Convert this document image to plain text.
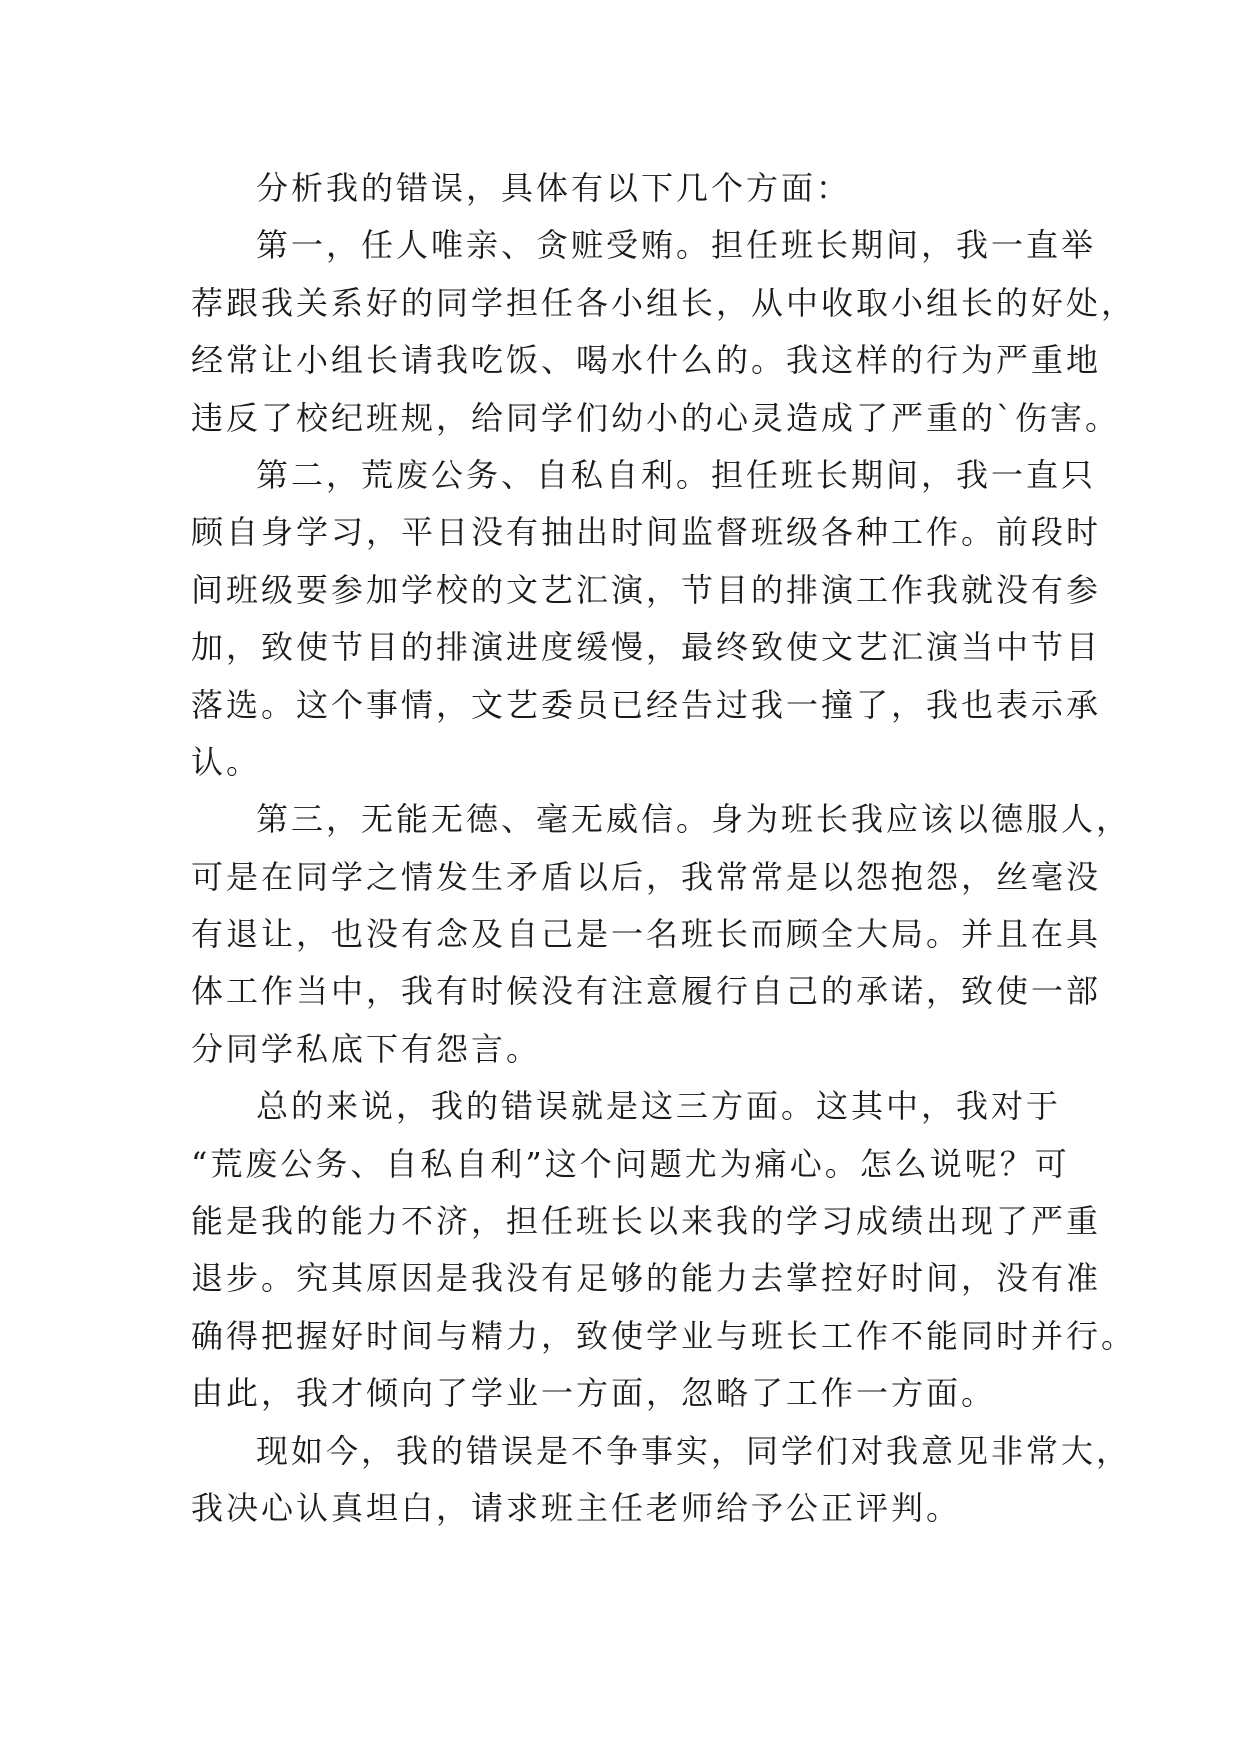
分析我的错误，具体有以下几个方面：
第一，任人唯亲、贪赃受贿。担任班长期间，我一直举
荐跟我关系好的同学担任各小组长，从中收取小组长的好处，
经常让小组长请我吃饭、喝水什么的。我这样的行为严重地
违反了校纪班规，给同学们幼小的心灵造成了严重的`伤害。
第二，荒废公务、自私自利。担任班长期间，我一直只
顾自身学习，平日没有抽出时间监督班级各种工作。前段时
间班级要参加学校的文艺汇演，节目的排演工作我就没有参
加，致使节目的排演进度缓慢，最终致使文艺汇演当中节目
落选。这个事情，文艺委员已经告过我一撞了，我也表示承
认。
第三，无能无德、毫无威信。身为班长我应该以德服人，
可是在同学之情发生矛盾以后，我常常是以怨抱怨，丝毫没
有退让，也没有念及自己是一名班长而顾全大局。并且在具
体工作当中，我有时候没有注意履行自己的承诺，致使一部
分同学私底下有怨言。
总的来说，我的错误就是这三方面。这其中，我对于
“荒废公务、自私自利”这个问题尤为痛心。怎么说呢？可
能是我的能力不济，担任班长以来我的学习成绩出现了严重
退步。究其原因是我没有足够的能力去掌控好时间，没有准
确得把握好时间与精力，致使学业与班长工作不能同时并行。
由此，我才倾向了学业一方面，忽略了工作一方面。
现如今，我的错误是不争事实，同学们对我意见非常大，
我决心认真坦白，请求班主任老师给予公正评判。
